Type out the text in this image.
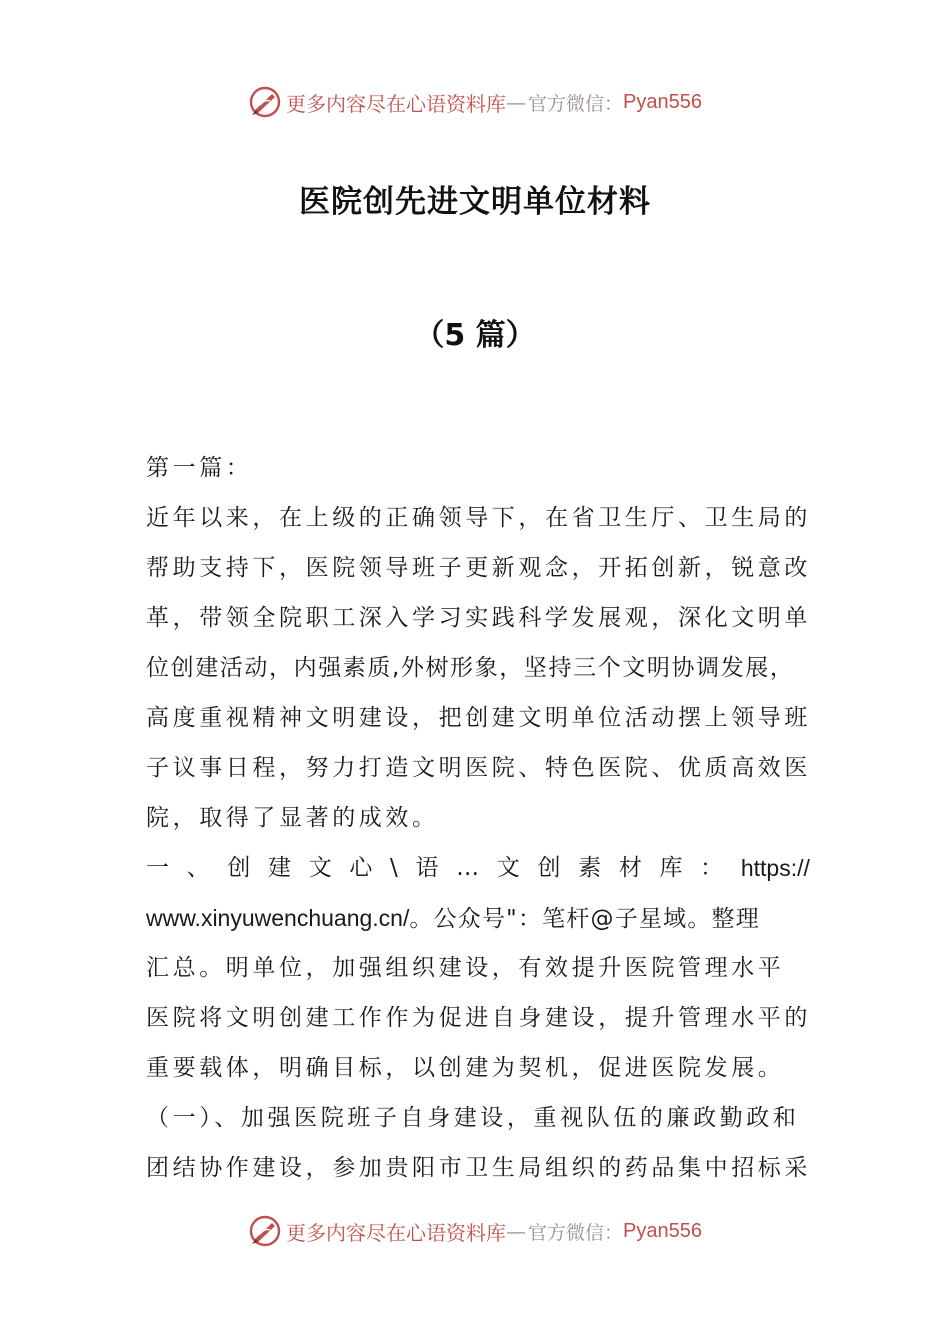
更多内容尽在心语资料库 — 官方微信： Pyan556
医院创先进文明单位材料
（5 篇）
第一篇：
近年以来，在上级的正确领导下，在省卫生厅、卫生局的
帮助支持下，医院领导班子更新观念，开拓创新，锐意改
革，带领全院职工深入学习实践科学发展观，深化文明单
位创建活动，内强素质,外树形象，坚持三个文明协调发展，
高度重视精神文明建设，把创建文明单位活动摆上领导班
子议事日程，努力打造文明医院、特色医院、优质高效医
院，取得了显著的成效。
一 、 创 建 文 心 \ 语 … 文 创 素 材 库 ： https://
www.xinyuwenchuang.cn/。公众号"：笔杆@子星域。整理
汇总。明单位，加强组织建设，有效提升医院管理水平
医院将文明创建工作作为促进自身建设，提升管理水平的
重要载体，明确目标，以创建为契机，促进医院发展。
（一）、加强医院班子自身建设，重视队伍的廉政勤政和
团结协作建设，参加贵阳市卫生局组织的药品集中招标采
更多内容尽在心语资料库 — 官方微信： Pyan556
